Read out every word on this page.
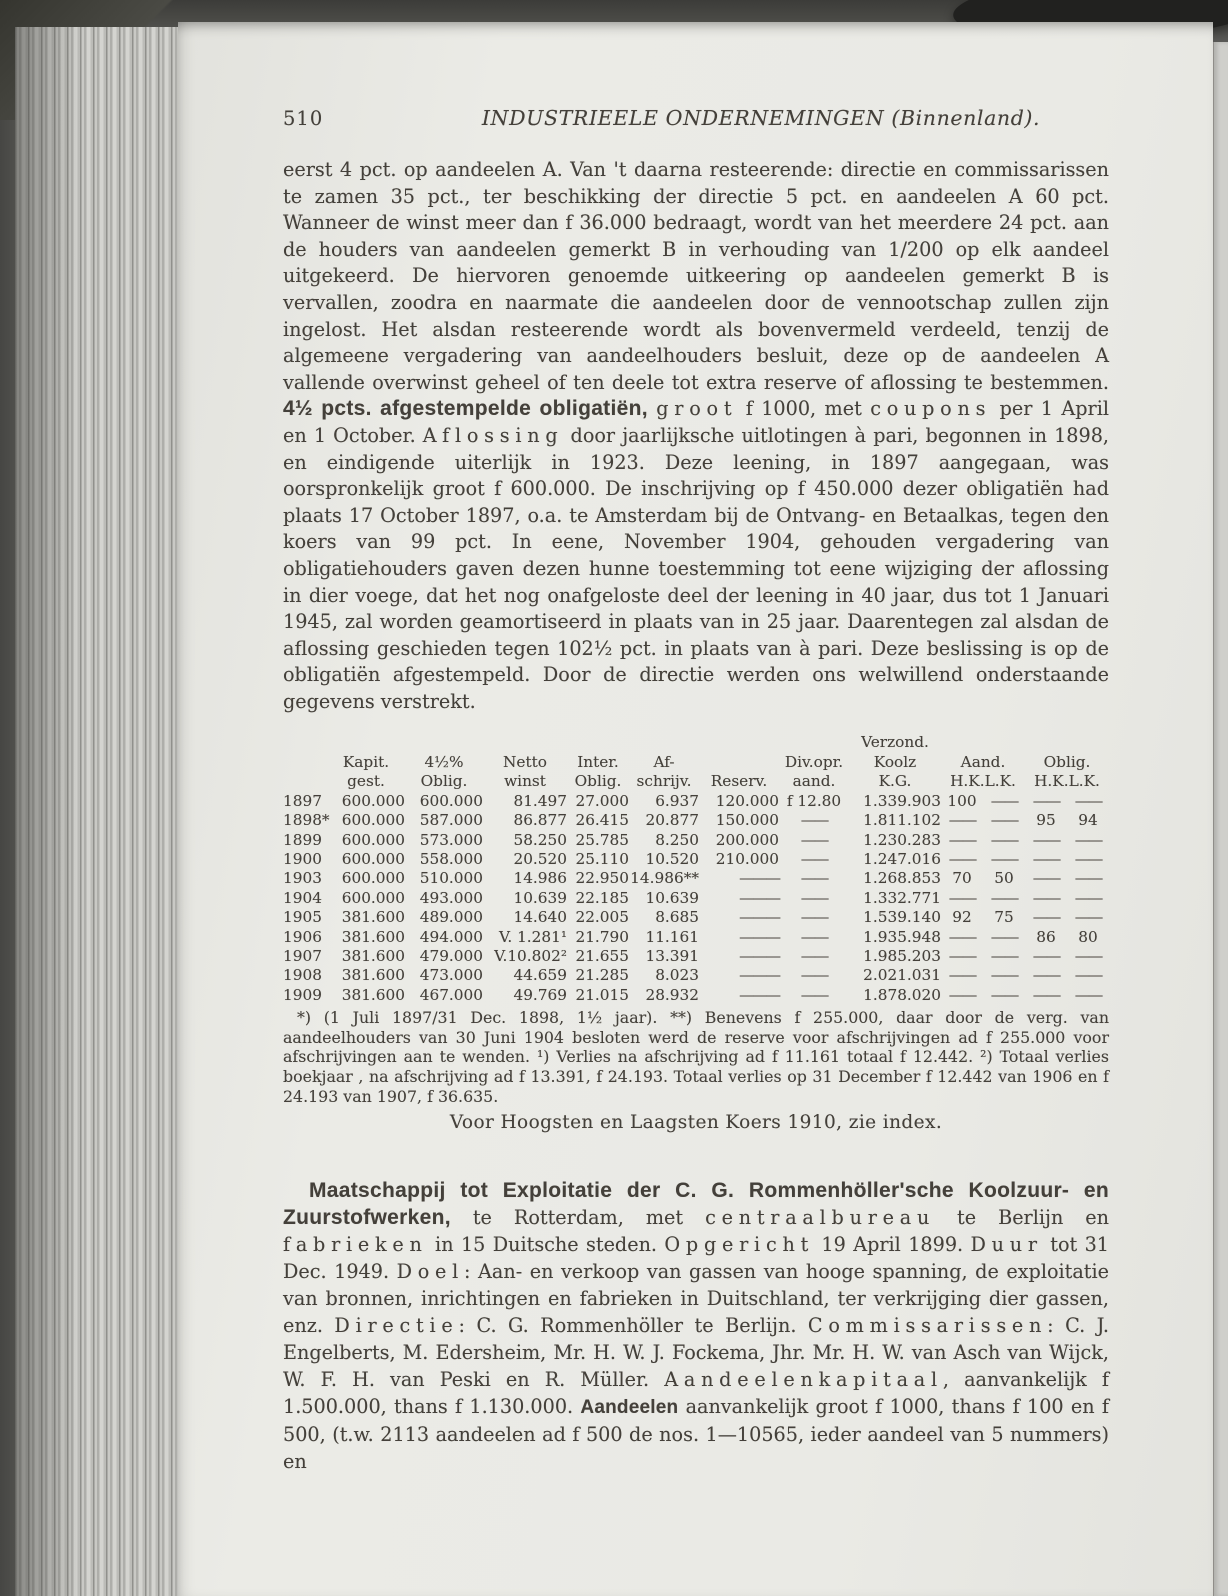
510	INDUSTRIEELE ONDERNEMINGEN (Binnenland).
eerst 4 pct. op aandeelen A. Van 't daarna resteerende: directie en commissarissen te zamen 35 pct., ter beschikking der directie 5 pct. en aandeelen A 60 pct. Wanneer de winst meer dan f 36.000 bedraagt, wordt van het meerdere 24 pct. aan de houders van aandeelen gemerkt B in verhouding van 1/200 op elk aandeel uitgekeerd. De hiervoren genoemde uitkeering op aandeelen gemerkt B is vervallen, zoodra en naarmate die aandeelen door de vennootschap zullen zijn ingelost. Het alsdan resteerende wordt als bovenvermeld verdeeld, tenzij de algemeene vergadering van aandeelhouders besluit, deze op de aandeelen A vallende overwinst geheel of ten deele tot extra reserve of aflossing te bestemmen. 4½ pcts. afgestempelde obligatiën, groot f 1000, met coupons per 1 April en 1 October. Aflossing door jaarlijksche uitlotingen à pari, begonnen in 1898, en eindigende uiterlijk in 1923. Deze leening, in 1897 aangegaan, was oorspronkelijk groot f 600.000. De inschrijving op f 450.000 dezer obligatiën had plaats 17 October 1897, o.a. te Amsterdam bij de Ontvang- en Betaalkas, tegen den koers van 99 pct. In eene, November 1904, gehouden vergadering van obligatiehouders gaven dezen hunne toestemming tot eene wijziging der aflossing in dier voege, dat het nog onafgeloste deel der leening in 40 jaar, dus tot 1 Januari 1945, zal worden geamortiseerd in plaats van in 25 jaar. Daarentegen zal alsdan de aflossing geschieden tegen 102½ pct. in plaats van à pari. Deze beslissing is op de obligatiën afgestempeld. Door de directie werden ons welwillend onderstaande gegevens verstrekt.
								Verzond.				
	Kapit.	4½%	Netto	Inter.	Af-		Div.opr.	Koolz	Aand.		Oblig.	
	gest.	Oblig.	winst	Oblig.	schrijv.	Reserv.	aand.	K.G.	H.K.L.K.		H.K.L.K.	
1897	600.000	600.000	81.497	27.000	6.937	120.000	f 12.80	1.339.903	100	——	——	——
1898*	600.000	587.000	86.877	26.415	20.877	150.000	——	1.811.102	——	——	95	94
1899	600.000	573.000	58.250	25.785	8.250	200.000	——	1.230.283	——	——	——	——
1900	600.000	558.000	20.520	25.110	10.520	210.000	——	1.247.016	——	——	——	——
1903	600.000	510.000	14.986	22.950	14.986**	———	——	1.268.853	70	50	——	——
1904	600.000	493.000	10.639	22.185	10.639	———	——	1.332.771	——	——	——	——
1905	381.600	489.000	14.640	22.005	8.685	———	——	1.539.140	92	75	——	——
1906	381.600	494.000	V. 1.281¹	21.790	11.161	———	——	1.935.948	——	——	86	80
1907	381.600	479.000	V.10.802²	21.655	13.391	———	——	1.985.203	——	——	——	——
1908	381.600	473.000	44.659	21.285	8.023	———	——	2.021.031	——	——	——	——
1909	381.600	467.000	49.769	21.015	28.932	———	——	1.878.020	——	——	——	——
*) (1 Juli 1897/31 Dec. 1898, 1½ jaar). **) Benevens f 255.000, daar door de verg. van aandeelhouders van 30 Juni 1904 besloten werd de reserve voor afschrijvingen ad f 255.000 voor afschrijvingen aan te wenden. ¹) Verlies na afschrijving ad f 11.161 totaal f 12.442. ²) Totaal verlies boekjaar , na afschrijving ad f 13.391, f 24.193. Totaal verlies op 31 December f 12.442 van 1906 en f 24.193 van 1907, f 36.635.
Voor Hoogsten en Laagsten Koers 1910, zie index.
Maatschappij tot Exploitatie der C. G. Rommenhöller'sche Koolzuur- en Zuurstofwerken, te Rotterdam, met centraalbureau te Berlijn en fabrieken in 15 Duitsche steden. Opgericht 19 April 1899. Duur tot 31 Dec. 1949. Doel: Aan- en verkoop van gassen van hooge spanning, de exploitatie van bronnen, inrichtingen en fabrieken in Duitschland, ter verkrijging dier gassen, enz. Directie: C. G. Rommenhöller te Berlijn. Commissarissen: C. J. Engelberts, M. Edersheim, Mr. H. W. J. Fockema, Jhr. Mr. H. W. van Asch van Wijck, W. F. H. van Peski en R. Müller. Aandeelenkapitaal, aanvankelijk f 1.500.000, thans f 1.130.000. Aandeelen aanvankelijk groot f 1000, thans f 100 en f 500, (t.w. 2113 aandeelen ad f 500 de nos. 1—10565, ieder aandeel van 5 nummers) en
